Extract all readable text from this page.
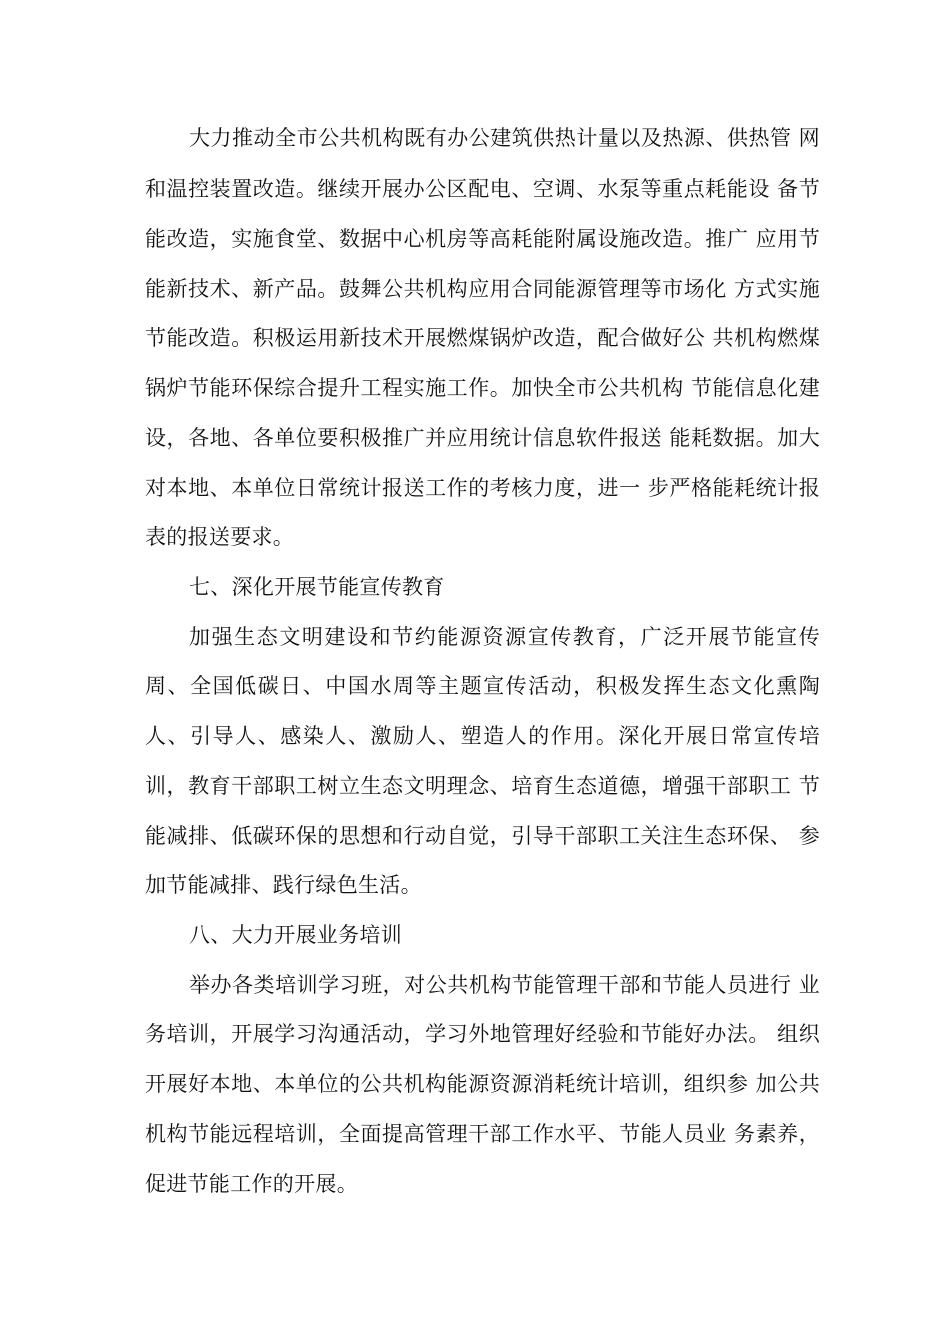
大力推动全市公共机构既有办公建筑供热计量以及热源、供热管 网
和温控装置改造。继续开展办公区配电、空调、水泵等重点耗能设 备节
能改造，实施食堂、数据中心机房等高耗能附属设施改造。推广 应用节
能新技术、新产品。鼓舞公共机构应用合同能源管理等市场化 方式实施
节能改造。积极运用新技术开展燃煤锅炉改造，配合做好公 共机构燃煤
锅炉节能环保综合提升工程实施工作。加快全市公共机构 节能信息化建
设，各地、各单位要积极推广并应用统计信息软件报送 能耗数据。加大
对本地、本单位日常统计报送工作的考核力度，进一 步严格能耗统计报
表的报送要求。
七、深化开展节能宣传教育
加强生态文明建设和节约能源资源宣传教育，广泛开展节能宣传
周、全国低碳日、中国水周等主题宣传活动，积极发挥生态文化熏陶
人、引导人、感染人、激励人、塑造人的作用。深化开展日常宣传培
训，教育干部职工树立生态文明理念、培育生态道德，增强干部职工 节
能减排、低碳环保的思想和行动自觉，引导干部职工关注生态环保、 参
加节能减排、践行绿色生活。
八、大力开展业务培训
举办各类培训学习班，对公共机构节能管理干部和节能人员进行 业
务培训，开展学习沟通活动，学习外地管理好经验和节能好办法。 组织
开展好本地、本单位的公共机构能源资源消耗统计培训，组织参 加公共
机构节能远程培训，全面提高管理干部工作水平、节能人员业 务素养，
促进节能工作的开展。
